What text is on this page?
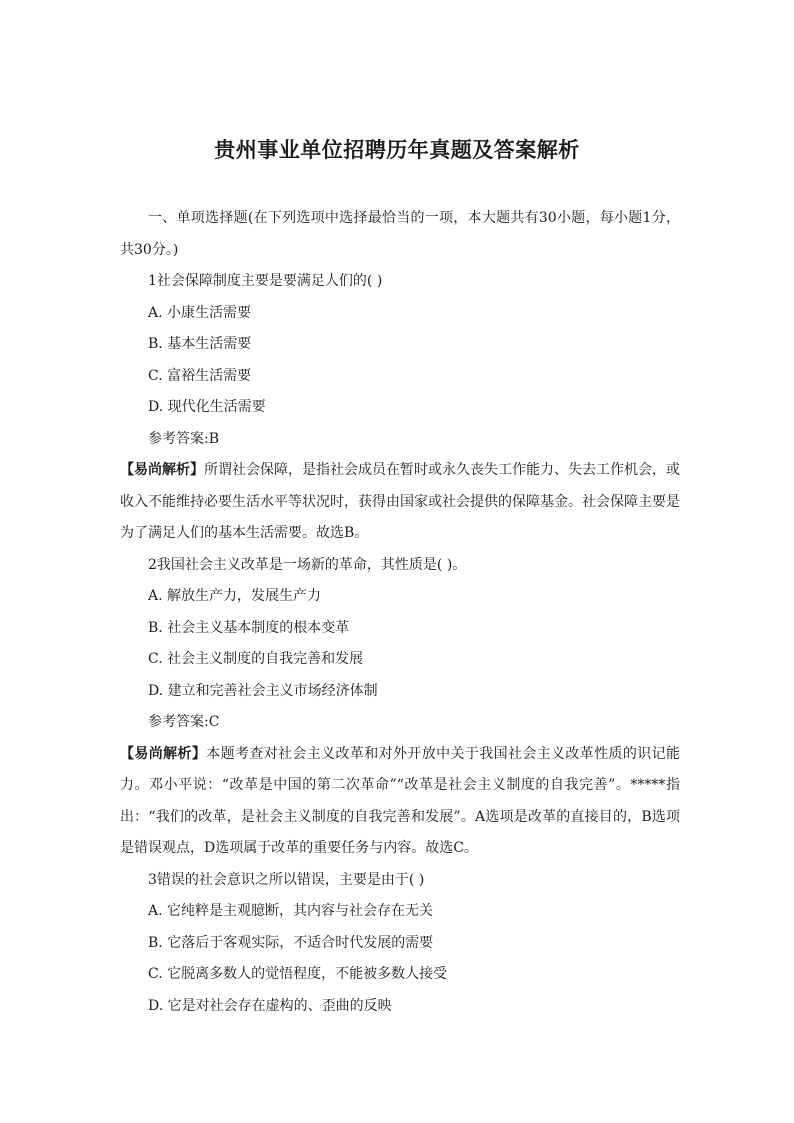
贵州事业单位招聘历年真题及答案解析

一、单项选择题(在下列选项中选择最恰当的一项，本大题共有30小题，每小题1分，共30分。)

1社会保障制度主要是要满足人们的( )

A. 小康生活需要

B. 基本生活需要

C. 富裕生活需要

D. 现代化生活需要

参考答案:B

【易尚解析】所谓社会保障，是指社会成员在暂时或永久丧失工作能力、失去工作机会，或收入不能维持必要生活水平等状况时，获得由国家或社会提供的保障基金。社会保障主要是为了满足人们的基本生活需要。故选B。

2我国社会主义改革是一场新的革命，其性质是( )。

A. 解放生产力，发展生产力

B. 社会主义基本制度的根本变革

C. 社会主义制度的自我完善和发展

D. 建立和完善社会主义市场经济体制

参考答案:C

【易尚解析】本题考查对社会主义改革和对外开放中关于我国社会主义改革性质的识记能力。邓小平说：“改革是中国的第二次革命”“改革是社会主义制度的自我完善”。*****指出：“我们的改革，是社会主义制度的自我完善和发展”。A选项是改革的直接目的，B选项是错误观点，D选项属于改革的重要任务与内容。故选C。

3错误的社会意识之所以错误，主要是由于( )

A. 它纯粹是主观臆断，其内容与社会存在无关

B. 它落后于客观实际，不适合时代发展的需要

C. 它脱离多数人的觉悟程度，不能被多数人接受

D. 它是对社会存在虚构的、歪曲的反映
